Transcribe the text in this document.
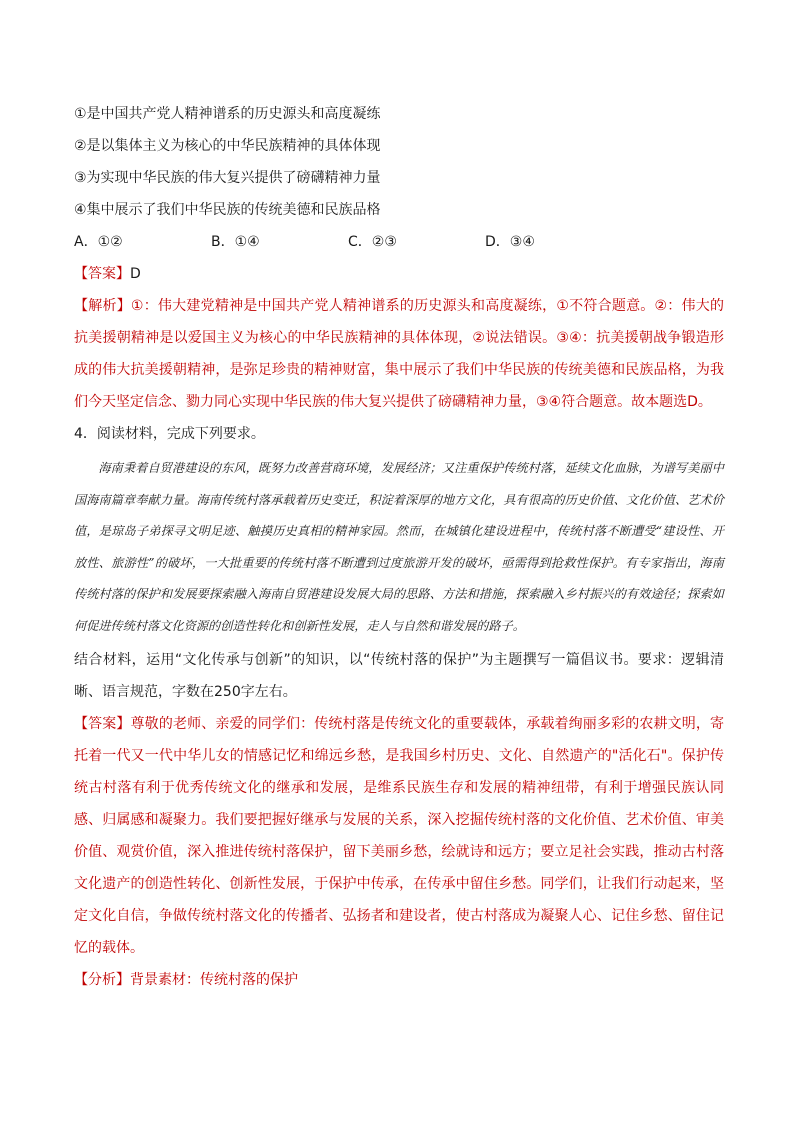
①是中国共产党人精神谱系的历史源头和高度凝练
②是以集体主义为核心的中华民族精神的具体体现
③为实现中华民族的伟大复兴提供了磅礴精神力量
④集中展示了我们中华民族的传统美德和民族品格
A．①②	B．①④	C．②③	D．③④
【答案】D
【解析】①：伟大建党精神是中国共产党人精神谱系的历史源头和高度凝练，①不符合题意。②：伟大的抗美援朝精神是以爱国主义为核心的中华民族精神的具体体现，②说法错误。③④：抗美援朝战争锻造形成的伟大抗美援朝精神，是弥足珍贵的精神财富，集中展示了我们中华民族的传统美德和民族品格，为我们今天坚定信念、勠力同心实现中华民族的伟大复兴提供了磅礴精神力量，③④符合题意。故本题选D。
4．阅读材料，完成下列要求。
海南秉着自贸港建设的东风，既努力改善营商环境，发展经济；又注重保护传统村落，延续文化血脉，为谱写美丽中国海南篇章奉献力量。海南传统村落承载着历史变迁，积淀着深厚的地方文化，具有很高的历史价值、文化价值、艺术价值，是琼岛子弟探寻文明足迹、触摸历史真相的精神家园。然而，在城镇化建设进程中，传统村落不断遭受“建设性、开放性、旅游性”的破坏，一大批重要的传统村落不断遭到过度旅游开发的破坏，亟需得到抢救性保护。有专家指出，海南传统村落的保护和发展要探索融入海南自贸港建设发展大局的思路、方法和措施，探索融入乡村振兴的有效途径；探索如何促进传统村落文化资源的创造性转化和创新性发展，走人与自然和谐发展的路子。
结合材料，运用“文化传承与创新”的知识，以“传统村落的保护”为主题撰写一篇倡议书。要求：逻辑清晰、语言规范，字数在250字左右。
【答案】尊敬的老师、亲爱的同学们：传统村落是传统文化的重要载体，承载着绚丽多彩的农耕文明，寄托着一代又一代中华儿女的情感记忆和绵远乡愁，是我国乡村历史、文化、自然遗产的"活化石"。保护传统古村落有利于优秀传统文化的继承和发展，是维系民族生存和发展的精神纽带，有利于增强民族认同感、归属感和凝聚力。我们要把握好继承与发展的关系，深入挖掘传统村落的文化价值、艺术价值、审美价值、观赏价值，深入推进传统村落保护，留下美丽乡愁，绘就诗和远方；要立足社会实践，推动古村落文化遗产的创造性转化、创新性发展，于保护中传承，在传承中留住乡愁。同学们，让我们行动起来，坚定文化自信，争做传统村落文化的传播者、弘扬者和建设者，使古村落成为凝聚人心、记住乡愁、留住记忆的载体。
【分析】背景素材：传统村落的保护
